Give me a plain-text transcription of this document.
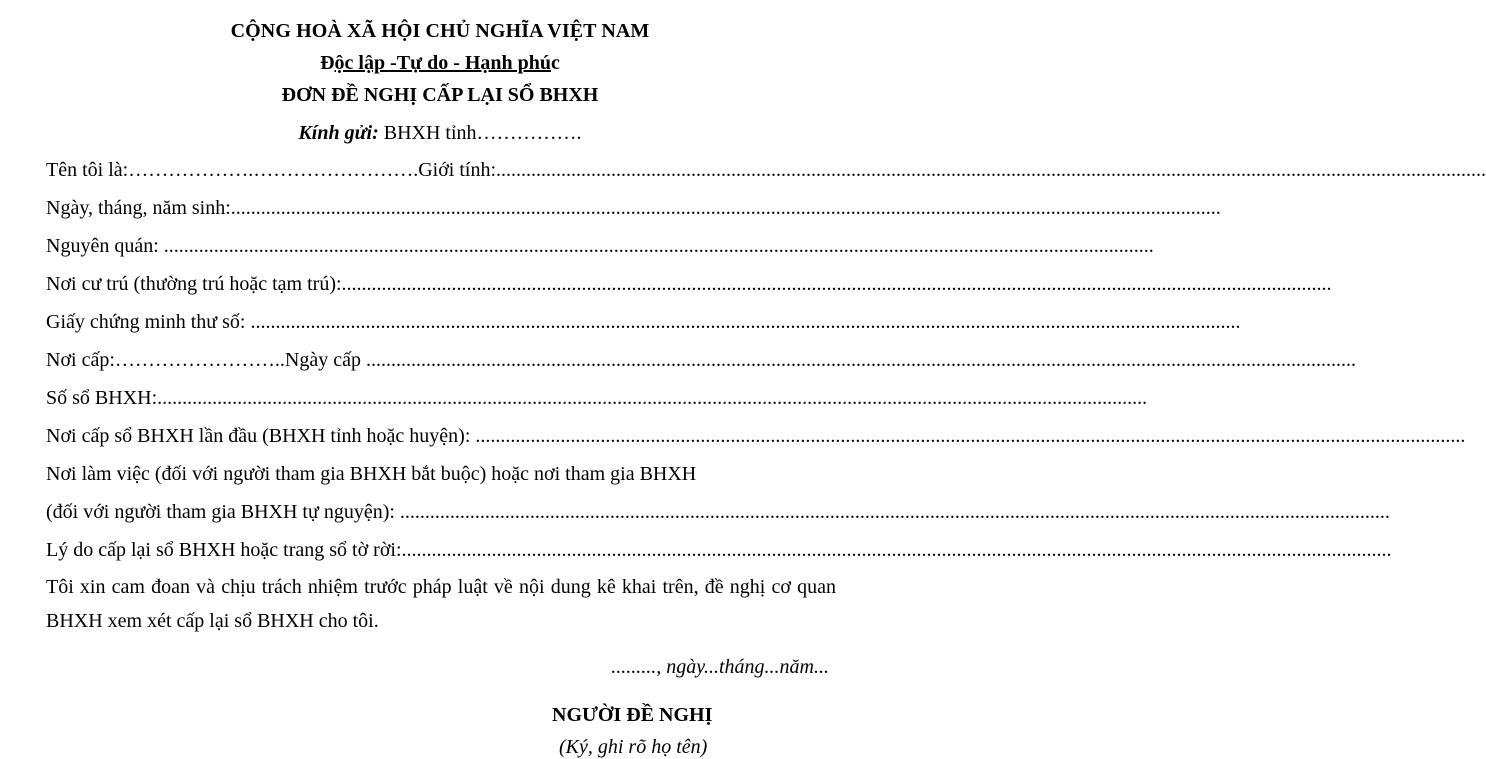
CỘNG HOÀ XÃ HỘI CHỦ NGHĨA VIỆT NAM
Độc lập -Tự do - Hạnh phúc
ĐƠN ĐỀ NGHỊ CẤP LẠI SỔ BHXH
Kính gửi: BHXH tỉnh…………….
Tên tôi là:……………….…………………….Giới tính:......................................................................................................................................................................................................
Ngày, tháng, năm sinh:......................................................................................................................................................................................................
Nguyên quán: ......................................................................................................................................................................................................
Nơi cư trú (thường trú hoặc tạm trú):......................................................................................................................................................................................................
Giấy chứng minh thư số: ......................................................................................................................................................................................................
Nơi cấp:……………………..Ngày cấp ......................................................................................................................................................................................................
Số sổ BHXH:......................................................................................................................................................................................................
Nơi cấp sổ BHXH lần đầu (BHXH tỉnh hoặc huyện): ......................................................................................................................................................................................................
Nơi làm việc (đối với người tham gia BHXH bắt buộc) hoặc nơi tham gia BHXH
(đối với người tham gia BHXH tự nguyện): ......................................................................................................................................................................................................
Lý do cấp lại sổ BHXH hoặc trang sổ tờ rời:......................................................................................................................................................................................................
Tôi xin cam đoan và chịu trách nhiệm trước pháp luật về nội dung kê khai trên, đề nghị cơ quan BHXH xem xét cấp lại sổ BHXH cho tôi.
........., ngày...tháng...năm...
NGƯỜI ĐỀ NGHỊ
(Ký, ghi rõ họ tên)
